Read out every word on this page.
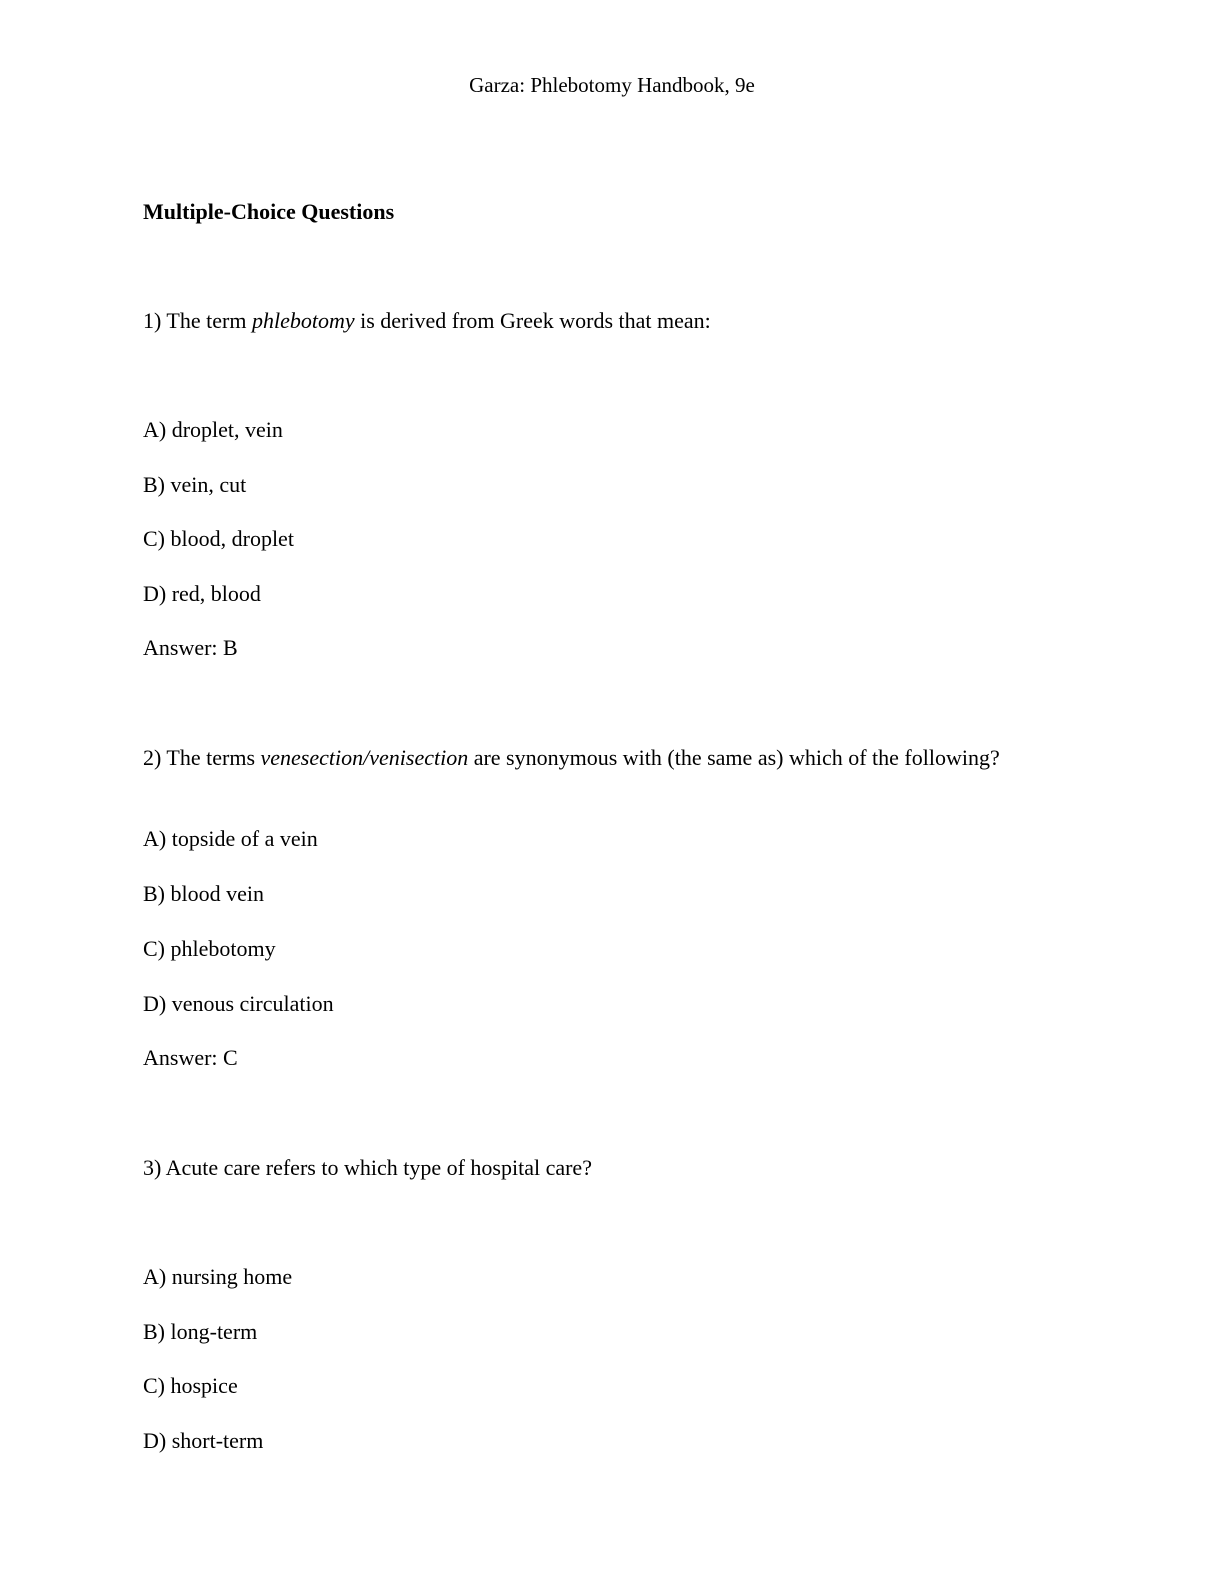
Garza: Phlebotomy Handbook, 9e
Multiple-Choice Questions
1) The term phlebotomy is derived from Greek words that mean:
A) droplet, vein
B) vein, cut
C) blood, droplet
D) red, blood
Answer: B
2) The terms venesection/venisection are synonymous with (the same as) which of the following?
A) topside of a vein
B) blood vein
C) phlebotomy
D) venous circulation
Answer: C
3) Acute care refers to which type of hospital care?
A) nursing home
B) long-term
C) hospice
D) short-term
